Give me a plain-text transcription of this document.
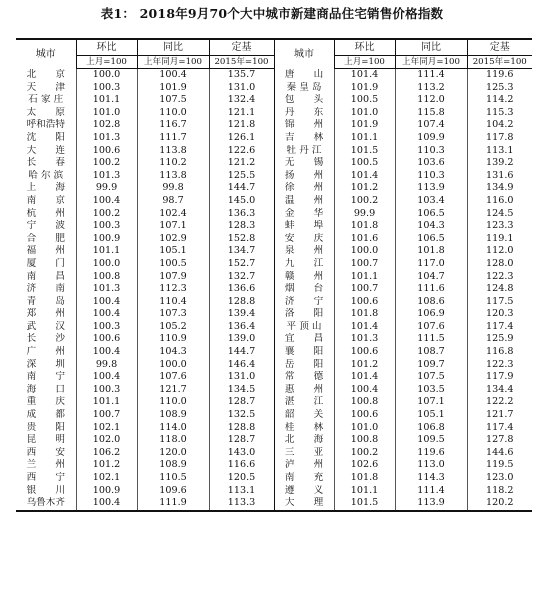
表1： 2018年9月70个大中城市新建商品住宅销售价格指数
城市	环比	同比	定基	城市	环比	同比	定基
	上月=100	上年同月=100	2015年=100		上月=100	上年同月=100	2015年=100
北　　京	100.0	100.4	135.7	唐　　山	101.4	111.4	119.6
天　　津	100.3	101.9	131.0	秦 皇 岛	101.9	113.2	125.3
石 家 庄	101.1	107.5	132.4	包　　头	100.5	112.0	114.2
太　　原	101.0	110.0	121.1	丹　　东	101.0	115.8	115.3
呼和浩特	102.8	116.7	121.8	锦　　州	101.9	107.4	104.2
沈　　阳	101.3	111.7	126.1	吉　　林	101.1	109.9	117.8
大　　连	100.6	113.8	122.6	牡 丹 江	101.5	110.3	113.1
长　　春	100.2	110.2	121.2	无　　锡	100.5	103.6	139.2
哈 尔 滨	101.3	113.8	125.5	扬　　州	101.4	110.3	131.6
上　　海	99.9	99.8	144.7	徐　　州	101.2	113.9	134.9
南　　京	100.4	98.7	145.0	温　　州	100.2	103.4	116.0
杭　　州	100.2	102.4	136.3	金　　华	99.9	106.5	124.5
宁　　波	100.3	107.1	128.3	蚌　　埠	101.8	104.3	123.3
合　　肥	100.9	102.9	152.8	安　　庆	101.6	106.5	119.1
福　　州	101.1	105.1	134.7	泉　　州	100.0	101.8	112.0
厦　　门	100.0	100.5	152.7	九　　江	100.7	117.0	128.0
南　　昌	100.8	107.9	132.7	赣　　州	101.1	104.7	122.3
济　　南	101.3	112.3	136.6	烟　　台	100.7	111.6	124.8
青　　岛	100.4	110.4	128.8	济　　宁	100.6	108.6	117.5
郑　　州	100.4	107.3	139.4	洛　　阳	101.8	106.9	120.3
武　　汉	100.3	105.2	136.4	平 顶 山	101.4	107.6	117.4
长　　沙	100.6	110.9	139.0	宜　　昌	101.3	111.5	125.9
广　　州	100.4	104.3	144.7	襄　　阳	100.6	108.7	116.8
深　　圳	99.8	100.0	146.4	岳　　阳	101.2	109.7	122.3
南　　宁	100.4	107.6	131.0	常　　德	101.4	107.5	117.9
海　　口	100.3	121.7	134.5	惠　　州	100.4	103.5	134.4
重　　庆	101.1	110.0	128.7	湛　　江	100.8	107.1	122.2
成　　都	100.7	108.9	132.5	韶　　关	100.6	105.1	121.7
贵　　阳	102.1	114.0	128.8	桂　　林	101.0	106.8	117.4
昆　　明	102.0	118.0	128.7	北　　海	100.8	109.5	127.8
西　　安	106.2	120.0	143.0	三　　亚	100.2	119.6	144.6
兰　　州	101.2	108.9	116.6	泸　　州	102.6	113.0	119.5
西　　宁	102.1	110.5	120.5	南　　充	101.8	114.3	123.0
银　　川	100.9	109.6	113.1	遵　　义	101.1	111.4	118.2
乌鲁木齐	100.4	111.9	113.3	大　　理	101.5	113.9	120.2
